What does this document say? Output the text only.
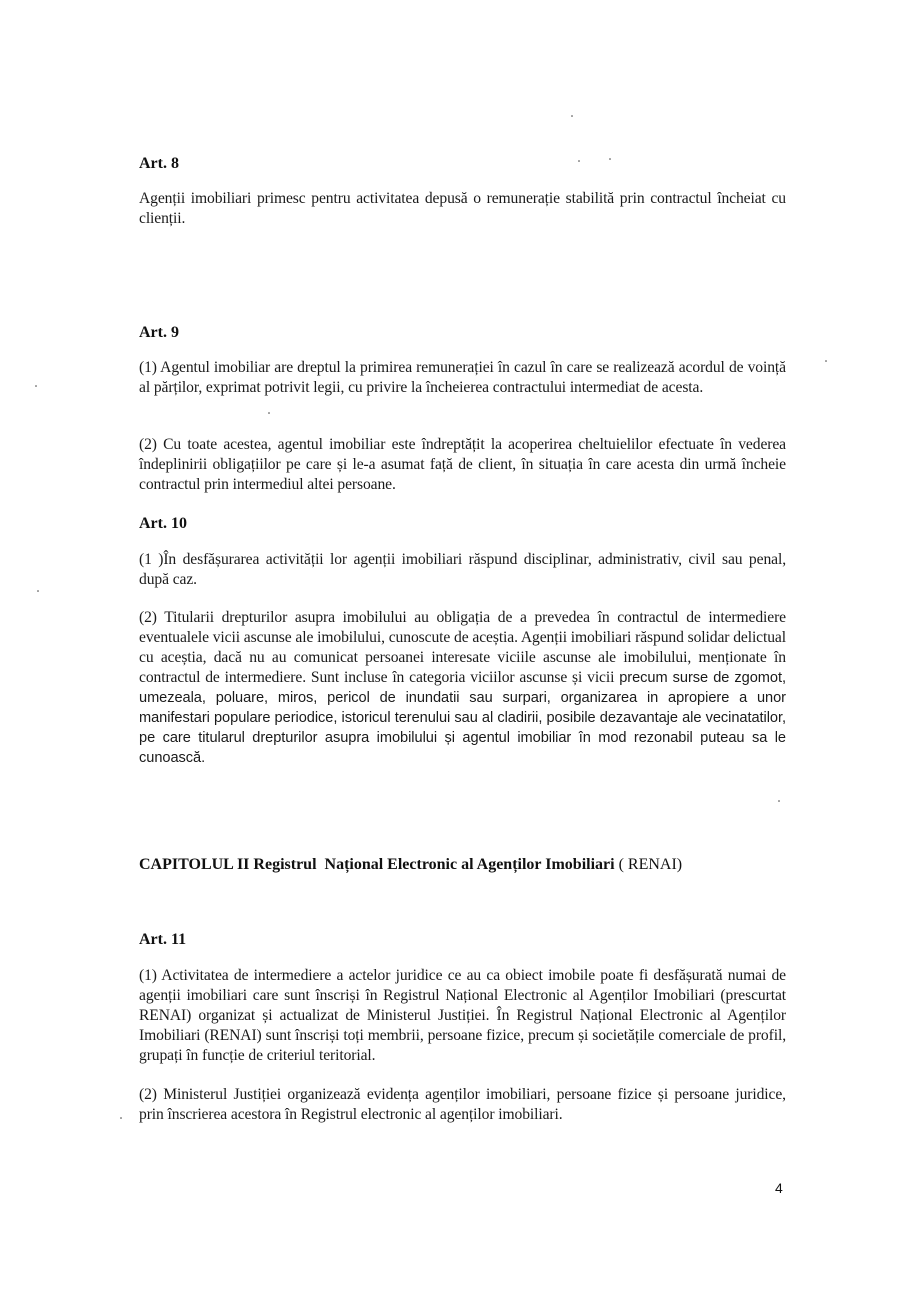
Art. 8
Agenții imobiliari primesc pentru activitatea depusă o remunerație stabilită prin contractul încheiat cu clienții.
Art. 9
(1) Agentul imobiliar are dreptul la primirea remunerației în cazul în care se realizează acordul de voință al părților, exprimat potrivit legii, cu privire la încheierea contractului intermediat de acesta.
(2) Cu toate acestea, agentul imobiliar este îndreptățit la acoperirea cheltuielilor efectuate în vederea îndeplinirii obligațiilor pe care și le-a asumat față de client, în situația în care acesta din urmă încheie contractul prin intermediul altei persoane.
Art. 10
(1 )În desfășurarea activității lor agenții imobiliari răspund disciplinar, administrativ, civil sau penal, după caz.
(2) Titularii drepturilor asupra imobilului au obligația de a prevedea în contractul de intermediere eventualele vicii ascunse ale imobilului, cunoscute de aceștia. Agenții imobiliari răspund solidar delictual cu aceștia, dacă nu au comunicat persoanei interesate viciile ascunse ale imobilului, menționate în contractul de intermediere. Sunt incluse în categoria viciilor ascunse și vicii precum surse de zgomot, umezeala, poluare, miros, pericol de inundatii sau surpari, organizarea in apropiere a unor manifestari populare periodice, istoricul terenului sau al cladirii, posibile dezavantaje ale vecinatatilor, pe care titularul drepturilor asupra imobilului și agentul imobiliar în mod rezonabil puteau sa le cunoască.
CAPITOLUL II Registrul  Național Electronic al Agenților Imobiliari ( RENAI)
Art. 11
(1) Activitatea de intermediere a actelor juridice ce au ca obiect imobile poate fi desfășurată numai de agenții imobiliari care sunt înscriși în Registrul Național Electronic al Agenților Imobiliari (prescurtat RENAI) organizat și actualizat de Ministerul Justiției. În Registrul Național Electronic al Agenților Imobiliari (RENAI) sunt înscriși toți membrii, persoane fizice, precum și societățile comerciale de profil, grupați în funcție de criteriul teritorial.
(2) Ministerul Justiției organizează evidența agenților imobiliari, persoane fizice și persoane juridice, prin înscrierea acestora în Registrul electronic al agenților imobiliari.
4
